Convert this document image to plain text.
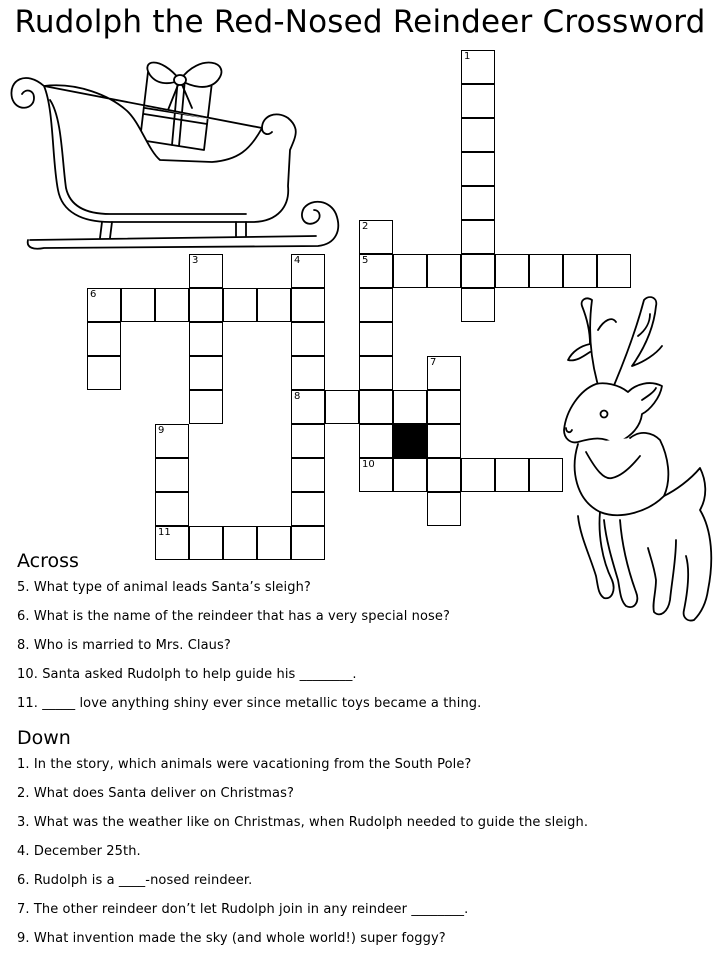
Rudolph the Red-Nosed Reindeer Crossword
1
2
5
3	4
8
6
7
9
11
10
Across
5. What type of animal leads Santa’s sleigh?
6. What is the name of the reindeer that has a very special nose?
8. Who is married to Mrs. Claus?
10. Santa asked Rudolph to help guide his ________.
11. _____ love anything shiny ever since metallic toys became a thing.
Down
1. In the story, which animals were vacationing from the South Pole?
2. What does Santa deliver on Christmas?
3. What was the weather like on Christmas, when Rudolph needed to guide the sleigh.
4. December 25th.
6. Rudolph is a ____-nosed reindeer.
7. The other reindeer don’t let Rudolph join in any reindeer ________.
9. What invention made the sky (and whole world!) super foggy?
